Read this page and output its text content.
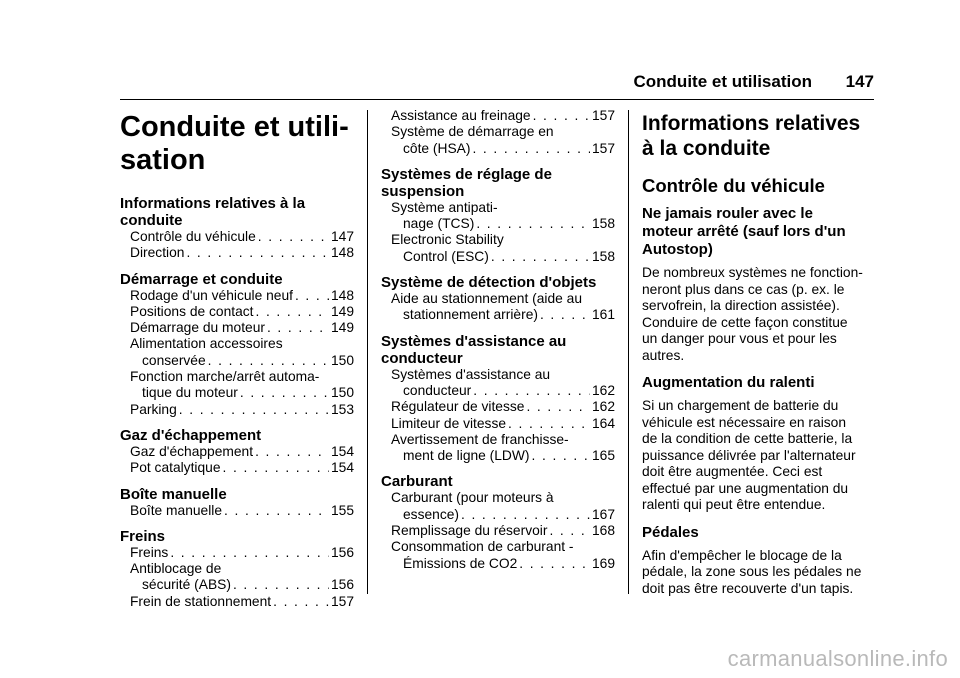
Conduite et utilisation 147
Conduite et utili-
sation
Informations relatives à la
conduite
Contrôle du véhicule . . .	147
Direction . . .	148
Démarrage et conduite
Rodage d'un véhicule neuf . . .	148
Positions de contact . . .	149
Démarrage du moteur . . .	149
Alimentation accessoires
conservée . . .	150
Fonction marche/arrêt automa-
tique du moteur . . .	150
Parking . . .	153
Gaz d'échappement
Gaz d'échappement . . .	154
Pot catalytique . . .	154
Boîte manuelle
Boîte manuelle . . .	155
Freins
Freins . . .	156
Antiblocage de
sécurité (ABS) . . .	156
Frein de stationnement . . .	157
Assistance au freinage . . .	157
Système de démarrage en
côte (HSA) . . .	157
Systèmes de réglage de
suspension
Système antipati-
nage (TCS) . . .	158
Electronic Stability
Control (ESC) . . .	158
Système de détection d'objets
Aide au stationnement (aide au
stationnement arrière) . . .	161
Systèmes d'assistance au
conducteur
Systèmes d'assistance au
conducteur . . .	162
Régulateur de vitesse . . .	162
Limiteur de vitesse . . .	164
Avertissement de franchisse-
ment de ligne (LDW) . . .	165
Carburant
Carburant (pour moteurs à
essence) . . .	167
Remplissage du réservoir . . .	168
Consommation de carburant -
Émissions de CO2 . . .	169
Informations relatives
à la conduite
Contrôle du véhicule
Ne jamais rouler avec le
moteur arrêté (sauf lors d'un
Autostop)
De nombreux systèmes ne fonction-
neront plus dans ce cas (p. ex. le
servofrein, la direction assistée).
Conduire de cette façon constitue
un danger pour vous et pour les
autres.
Augmentation du ralenti
Si un chargement de batterie du
véhicule est nécessaire en raison
de la condition de cette batterie, la
puissance délivrée par l'alternateur
doit être augmentée. Ceci est
effectué par une augmentation du
ralenti qui peut être entendue.
Pédales
Afin d'empêcher le blocage de la
pédale, la zone sous les pédales ne
doit pas être recouverte d'un tapis.
carmanualsonline.info
